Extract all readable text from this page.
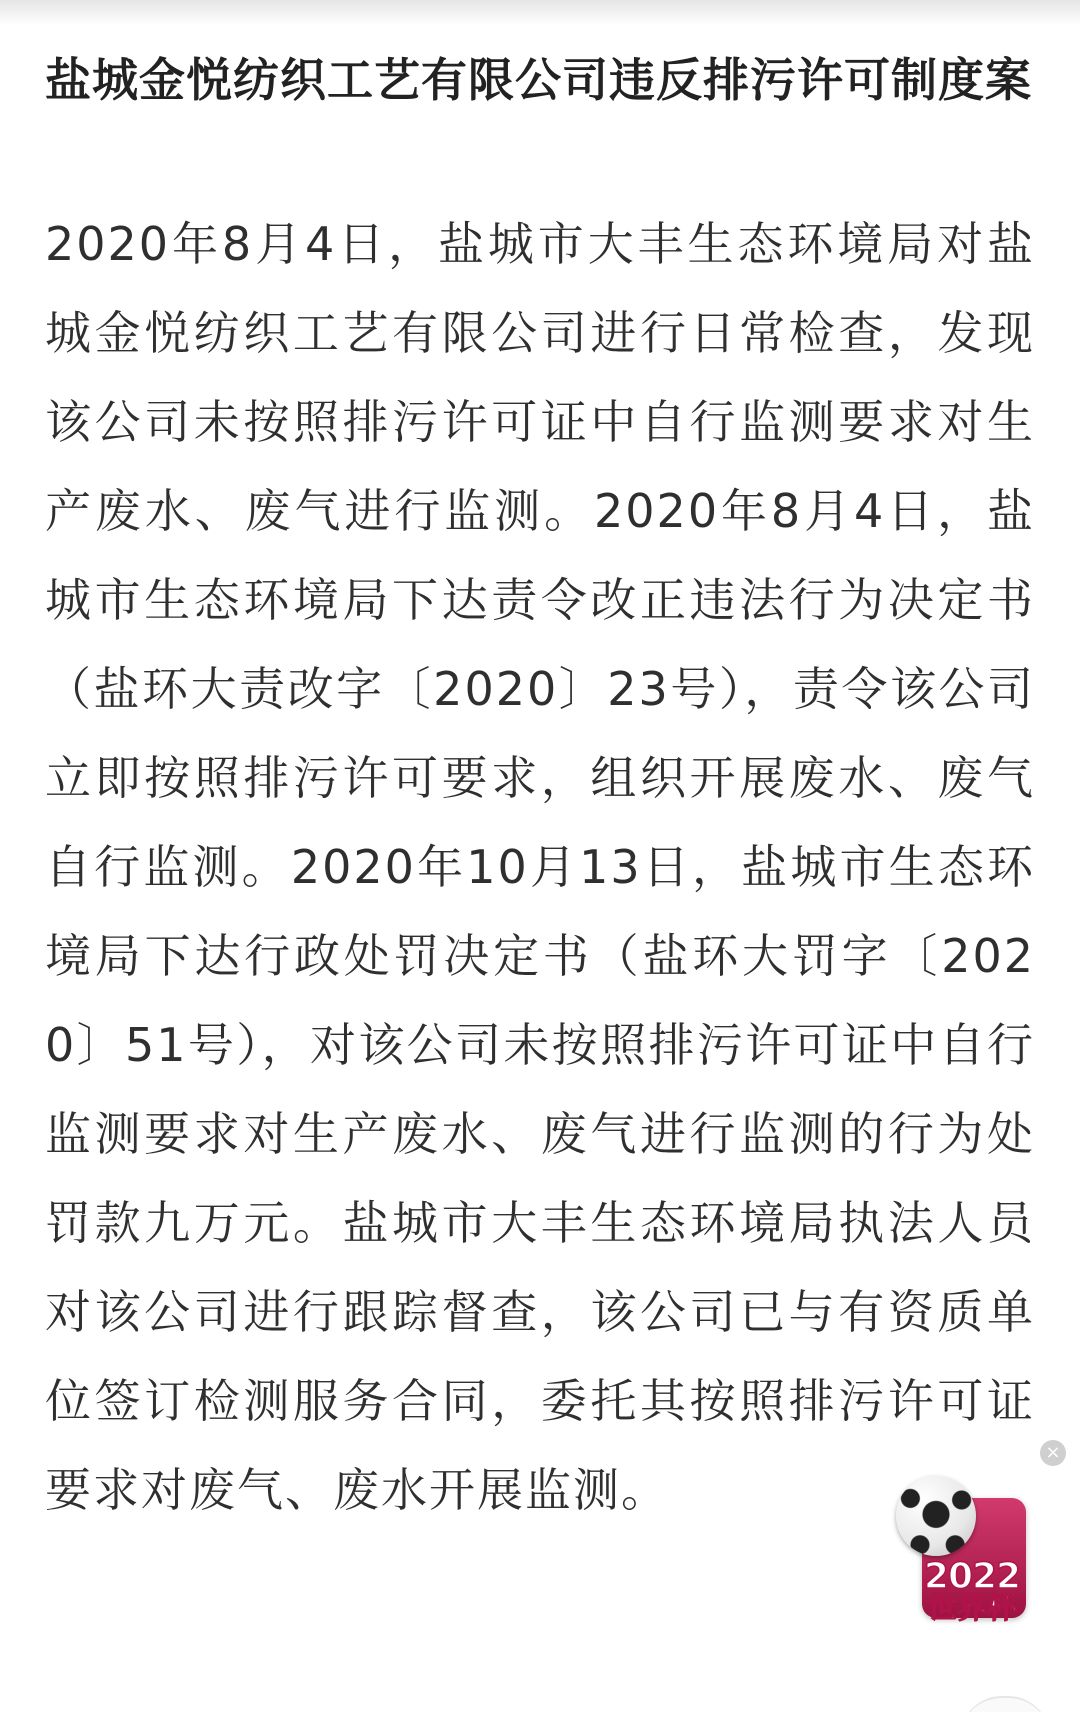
盐城金悦纺织工艺有限公司违反排污许可制度案

2020年8月4日，盐城市大丰生态环境局对盐城金悦纺织工艺有限公司进行日常检查，发现该公司未按照排污许可证中自行监测要求对生产废水、废气进行监测。2020年8月4日，盐城市生态环境局下达责令改正违法行为决定书（盐环大责改字〔2020〕23号），责令该公司立即按照排污许可要求，组织开展废水、废气自行监测。2020年10月13日，盐城市生态环境局下达行政处罚决定书（盐环大罚字〔2020〕51号），对该公司未按照排污许可证中自行监测要求对生产废水、废气进行监测的行为处罚款九万元。盐城市大丰生态环境局执法人员对该公司进行跟踪督查，该公司已与有资质单位签订检测服务合同，委托其按照排污许可证要求对废气、废水开展监测。

×
2022
世界杯
